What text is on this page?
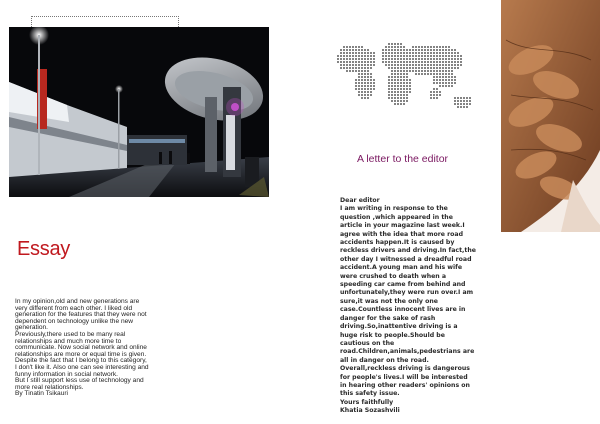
Essay

In my opinion,old and new generations are very different from each other. I liked old generation for the features that they were not dependent on technology unlike the new generation.

Previously,there used to be many real relationships and much more time to communicate. Now social network and online relationships are more or equal time is given.

Despite the fact that I belong to this category, I don't like it. Also one can see interesting and funny information in social network.

But I still support less use of technology and more real relationships.

By Tinatin Tsikauri

A letter to the editor

Dear editor

I am writing in response to the question ,which appeared in the article in your magazine last week.I agree with the idea that more road accidents happen.It is caused by reckless drivers and driving.In fact,the other day I witnessed a dreadful road accident.A young man and his wife were crushed to death when a speeding car came from behind and unfortunately,they were run over.I am sure,it was not the only one case.Countless innocent lives are in danger for the sake of rash driving.So,inattentive driving is a huge risk to people.Should be cautious on the road.Children,animals,pedestrians are all in danger on the road. Overall,reckless driving is dangerous for people's lives.I will be interested in hearing other readers' opinions on this safety issue.

Yours faithfully

Khatia Sozashvili
